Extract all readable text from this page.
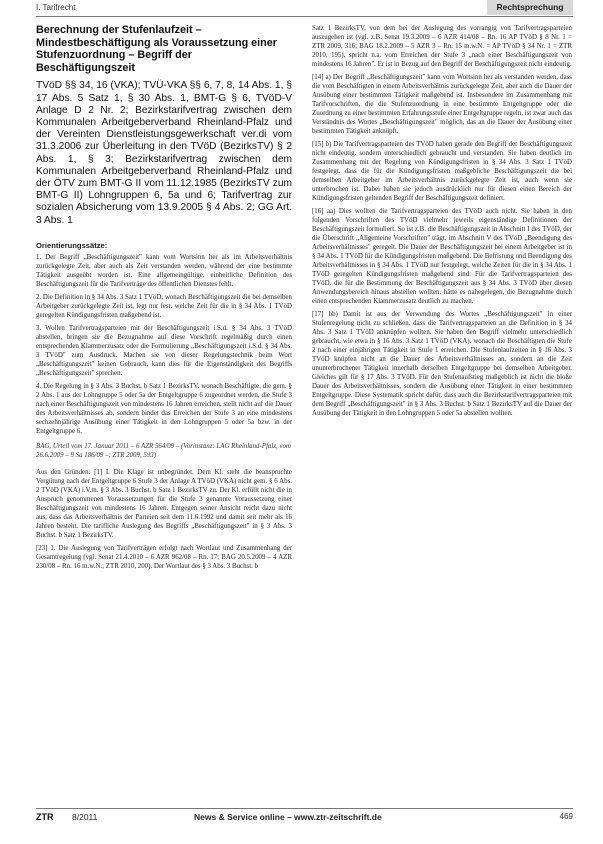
I. Tarifrecht	Rechtsprechung
Berechnung der Stufenlaufzeit – Mindestbeschäftigung als Voraussetzung einer Stufenzuordnung – Begriff der Beschäftigungszeit
TVöD §§ 34, 16 (VKA); TVÜ-VKA §§ 6, 7, 8, 14 Abs. 1, § 17 Abs. 5 Satz 1, § 30 Abs. 1, BMT-G § 6, TVöD-V Anlage D 2 Nr. 2; Bezirkstarifvertrag zwischen dem Kommunalen Arbeitgeberverband Rheinland-Pfalz und der Vereinten Dienstleistungsgewerkschaft ver.di vom 31.3.2006 zur Überleitung in den TVöD (BezirksTV) § 2 Abs. 1, § 3; Bezirkstarifvertrag zwischen dem Kommunalen Arbeitgeberverband Rheinland-Pfalz und der ÖTV zum BMT-G II vom 11.12.1985 (BezirksTV zum BMT-G II) Lohngruppen 6, 5a und 6; Tarifvertrag zur sozialen Absicherung vom 13.9.2005 § 4 Abs. 2; GG Art. 3 Abs. 1
Orientierungssätze:

1. Der Begriff „Beschäftigungszeit" kann vom Wortsinn her als im Arbeitsverhältnis zurückgelegte Zeit, aber auch als Zeit verstanden werden, während der eine bestimmte Tätigkeit ausgeübt worden ist. Eine allgemeingültige, einheitliche Definition des Beschäftigungszeit für die Tarifverträge des öffentlichen Dienstes fehlt.

2. Die Definition in § 34 Abs. 3 Satz 1 TVöD, wonach Beschäftigungszeit die bei demselben Arbeitgeber zurückgelegte Zeit ist, legt nur fest, welche Zeit für die in § 34 Abs. 1 TVöD geregelten Kündigungsfristen maßgebend ist.

3. Wollen Tarifvertragsparteien mit der Beschäftigungszeit i.S.d. § 34 Abs. 3 TVöD abstellen, bringen sie die Bezugnahme auf diese Vorschrift regelmäßig durch einen entsprechenden Klammerzusatz oder die Formulierung „Beschäftigungszeit i.S.d. § 34 Abs. 3 TVöD" zum Ausdruck. Machen sie von dieser Regelungstechnik beim Wort „Beschäftigungszeit" keinen Gebrauch, kann dies für die Eigenständigkeit des Begriffs „Beschäftigungszeit" sprechen.

4. Die Regelung in § 3 Abs. 3 Buchst. b Satz 1 BezirksTV, wonach Beschäftigte, die gem. § 2 Abs. 1 aus der Lohngruppe 5 oder 5a der Entgeltgruppe 6 zugeordnet werden, die Stufe 3 nach einer Beschäftigungszeit von mindestens 16 Jahren erreichen, stellt nicht auf die Dauer des Arbeitsverhältnisses ab, sondern bindet das Erreichen der Stufe 3 an eine mindestens sechzehnjährige Ausübung einer Tätigkeit in den Lohngruppen 5 oder 5a bzw. in der Entgeltgruppe 6.

BAG, Urteil vom 17. Januar 2011 – 6 AZR 564/09 – (Vorinstanz: LAG Rheinland-Pfalz, vom 26.6.2009 – 9 Sa 186/09 –; ZTR 2009, 593)

Aus den Gründen: [1] I. Die Klage ist unbegründet. Dem Kl. steht die beanspruchte Vergütung nach der Entgeltgruppe 6 Stufe 3 der Anlage A TVöD (VKA) nicht gem. § 6 Abs. 2 TVöD (VKA) i.V.m. § 3 Abs. 3 Buchst. b Satz 1 BezirksTV zu. Der Kl. erfüllt nicht die in Anspruch genommenen Voraussetzungen für die Stufe 3 genannte Voraussetzung einer Beschäftigungszeit von mindestens 16 Jahren. Entgegen seiner Ansicht reicht dazu nicht aus, dass das Arbeitsverhältnis der Parteien seit dem 11.6.1992 und damit seit mehr als 16 Jahren besteht. Die tarifliche Auslegung des Begriffs „Beschäftigungszeit" in § 3 Abs. 3 Buchst. b Satz 1 BezirksTV.

[23] 1. Die Auslegung von Tarifverträgen erfolgt nach Wortlaut und Zusammenhang der Gesamtregelung (vgl. Senat 21.4.2010 – 6 AZR 962/08 – Rn. 17; BAG 20.5.2009 – 4 AZR 230/08 – Rn. 16 m.w.N.; ZTR 2010, 200). Der Wortlaut des § 3 Abs. 3 Buchst. b

Satz 1 BezirksTV, von dem bei der Auslegung des vorrangig von Tarifvertragsparteien auszugehen ist (vgl. z.B. Senat 19.3.2009 – 6 AZR 414/08 – Rn. 16 AP TVöD § 8 Nr. 1 = ZTR 2009, 316; BAG 18.2.2009 – 5 AZR 3 – Rn. 15 m.w.N. = AP TVöD § 34 Nr. 1 = ZTR 2010, 195), spricht n.a. vom Erreichen der Stufe 3 „nach einer Beschäftigungszeit von mindestens 16 Jahren". Er ist in Bezug auf den Begriff der Beschäftigungszeit nicht eindeutig.

[14] a) Der Begriff „Beschäftigungszeit" kann vom Wortsinn her als verstanden werden, dass die vom Beschäftigten in einem Arbeitsverhältnis zurückgelegte Zeit, aber auch die Dauer der Ausübung einer bestimmten Tätigkeit maßgebend ist. Insbesondere im Zusammenhang mit Tarifvorschriften, die die Stufenzuordnung in eine bestimmte Entgeltgruppe oder die Zuordnung zu einer bestimmten Erfahrungsstufe einer Entgeltgruppe regeln, ist zwar auch das Verständnis des Wortes „Beschäftigungszeit" möglich, das an die Dauer der Ausübung einer bestimmten Tätigkeit anknüpft.

[15] b) Die Tarifvertragsparteien des TVöD haben gerade den Begriff der Beschäftigungszeit nicht eindeutig, sondern unterschiedlich gebraucht und verstanden. Sie haben deutlich im Zusammenhang mit der Regelung von Kündigungsfristen in § 34 Abs. 3 Satz 1 TVöD festgelegt, dass die für die Kündigungsfristen maßgebliche Beschäftigungszeit die bei demselben Arbeitgeber im Arbeitsverhältnis zurückgelegte Zeit ist, auch wenn sie unterbrochen ist. Dabei haben sie jedoch ausdrücklich nur für diesen einen Bereich der Kündigungsfristen geltenden Begriff der Beschäftigungszeit definiert.

[16] aa) Dies wollten die Tarifvertragsparteien des TVöD auch nicht. Sie haben in den folgenden Vorschriften des TVöD vielmehr jeweils eigenständige Definitionen der Beschäftigungszeit formuliert. So ist z.B. die Beschäftigungszeit in Abschnitt I des TVöD, der die Überschrift „Allgemeine Vorschriften" trägt, im Abschnitt V des TVöD „Beendigung des Arbeitsverhältnisses" geregelt. Die Dauer der Beschäftigungszeit bei einem Arbeitgeber ist in § 34 Abs. 1 TVöD für die Kündigungsfristen maßgebend. Die Befristung und Beendigung des Arbeitsverhältnisses in § 34 Abs. 1 TVöD nur festgelegt, welche Zeiten für die in § 34 Abs. 1 TVöD geregelten Kündigungsfristen maßgebend sind. Für die Tarifvertragsparteien des TVöD, die für die Bestimmung der Beschäftigungszeit aus § 34 Abs. 3 TVöD über diesen Anwendungsbereich hinaus abstellen wollten, hätte es nahegelegen, die Bezugnahme durch einen entsprechenden Klammerzusatz deutlich zu machen.

[17] bb) Damit ist aus der Verwendung des Wortes „Beschäftigungszeit" in einer Stufenregelung nicht zu schließen, dass die Tarifvertragsparteien an die Definition in § 34 Abs. 3 Satz 1 TVöD anknüpfen wollten. Sie haben den Begriff vielmehr unterschiedlich gebraucht, wie etwa in § 16 Abs. 3 Satz 1 TVöD (VKA), wonach die Beschäftigten die Stufe 2 nach einer einjährigen Tätigkeit in Stufe 1 erreichen. Die Stufenlaufzeiten in § 16 Abs. 3 TVöD knüpfen nicht an die Dauer des Arbeitsverhältnisses an, sondern an die Zeit ununterbrochener Tätigkeit innerhalb derselben Entgeltgruppe bei demselben Arbeitgeber. Gleiches gilt für § 17 Abs. 3 TVöD. Für den Stufenaufstieg maßgeblich ist nicht die bloße Dauer des Arbeitsverhältnisses, sondern die Ausübung einer Tätigkeit in einer bestimmten Entgeltgruppe. Diese Systematik spricht dafür, dass auch die Bezirkstarifvertragsparteien mit dem Begriff „Beschäftigungszeit" in § 3 Abs. 3 Buchst. b Satz 1 BezirksTV auf die Dauer der Ausübung der Tätigkeit in den Lohngruppen 5 oder 5a abstellen wollten.

ZTR 8/2011	News & Service online – www.ztr-zeitschrift.de	469
